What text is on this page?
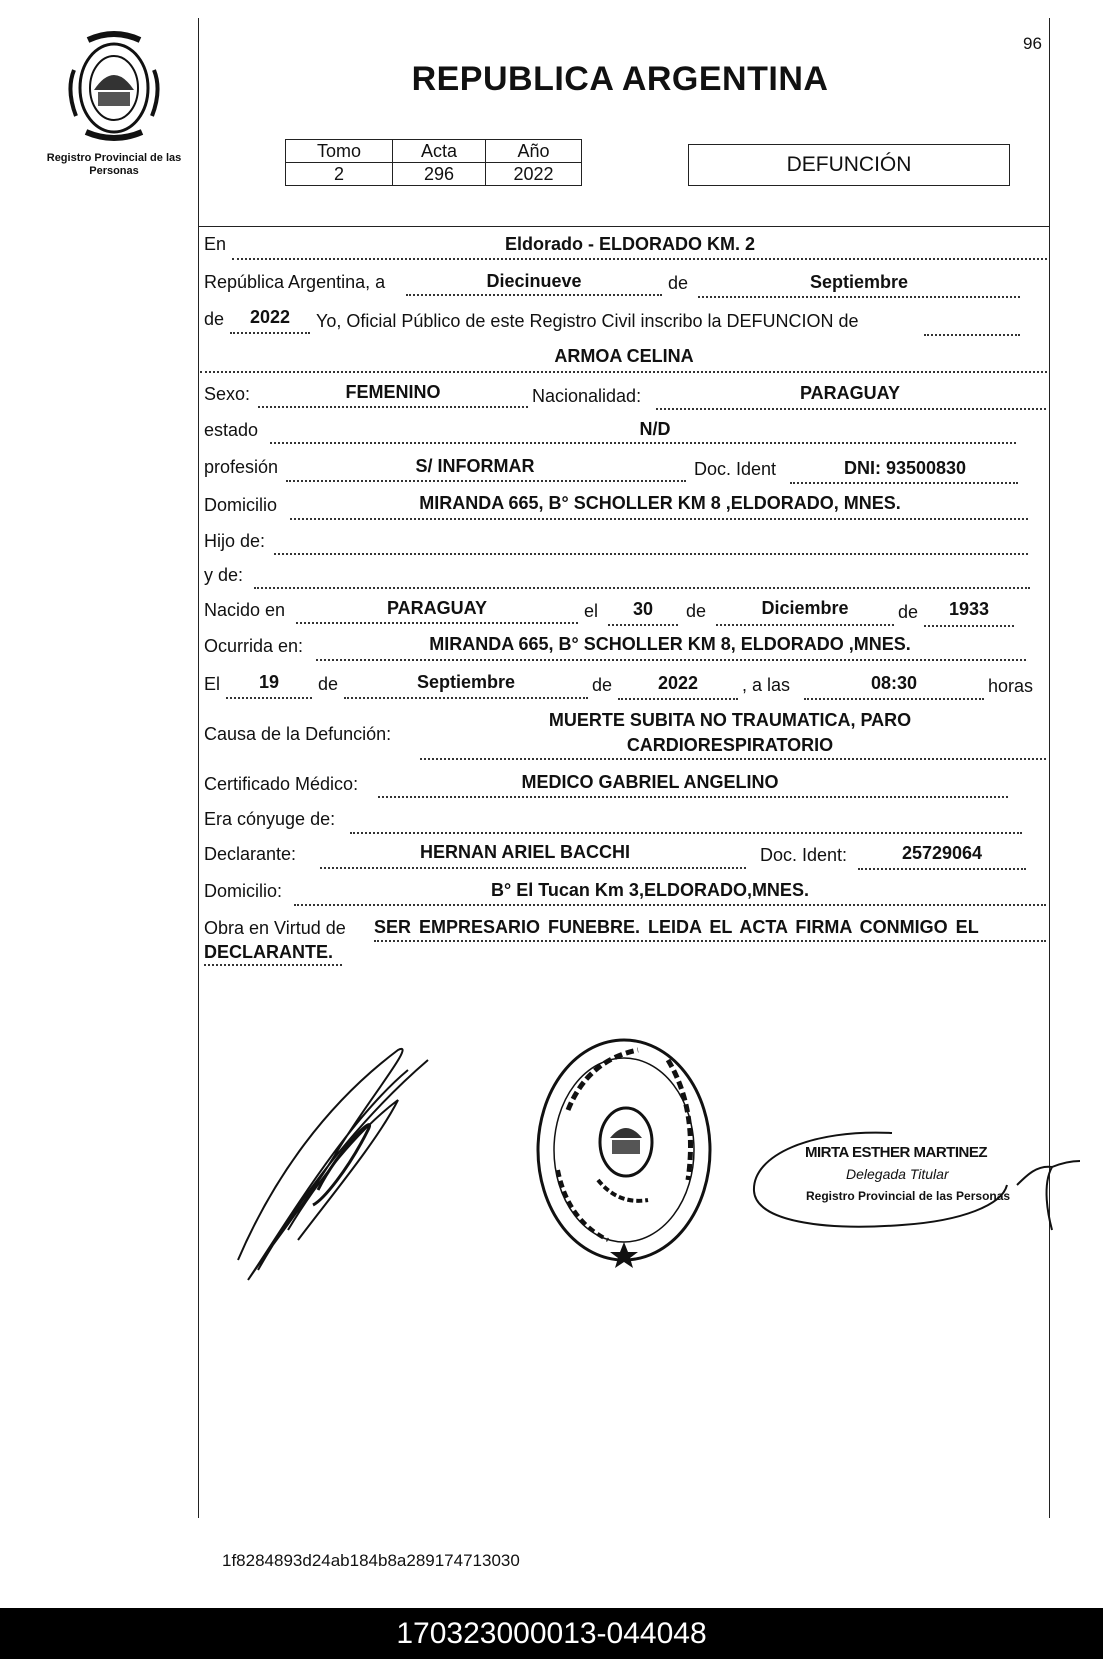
Registro Provincial de las Personas
96
REPUBLICA ARGENTINA
Tomo	Acta	Año
2	296	2022	DEFUNCIÓN
En	Eldorado - ELDORADO KM. 2
República Argentina, a	Diecinueve	de	Septiembre
de	2022	Yo, Oficial Público de este Registro Civil inscribo la DEFUNCION de
ARMOA CELINA
Sexo:	FEMENINO	Nacionalidad:	PARAGUAY
estado	N/D
profesión	S/ INFORMAR	Doc. Ident	DNI: 93500830
Domicilio	MIRANDA 665, B° SCHOLLER KM 8 ,ELDORADO, MNES.
Hijo de:
y de:
Nacido en	PARAGUAY	el	30	de	Diciembre	de	1933
Ocurrida en:	MIRANDA 665, B° SCHOLLER KM 8, ELDORADO ,MNES.
El	19	de	Septiembre	de	2022	, a las	08:30	horas
Causa de la Defunción:
MUERTE SUBITA NO TRAUMATICA, PARO
CARDIORESPIRATORIO
Certificado Médico:	MEDICO GABRIEL ANGELINO
Era cónyuge de:
Declarante:	HERNAN ARIEL BACCHI	Doc. Ident:	25729064
Domicilio:	B° El Tucan Km 3,ELDORADO,MNES.
Obra en Virtud de SER EMPRESARIO FUNEBRE. LEIDA EL ACTA FIRMA CONMIGO EL
DECLARANTE.
MIRTA ESTHER MARTINEZ
Delegada Titular
Registro Provincial de las Personas
1f8284893d24ab184b8a289174713030
170323000013-044048
